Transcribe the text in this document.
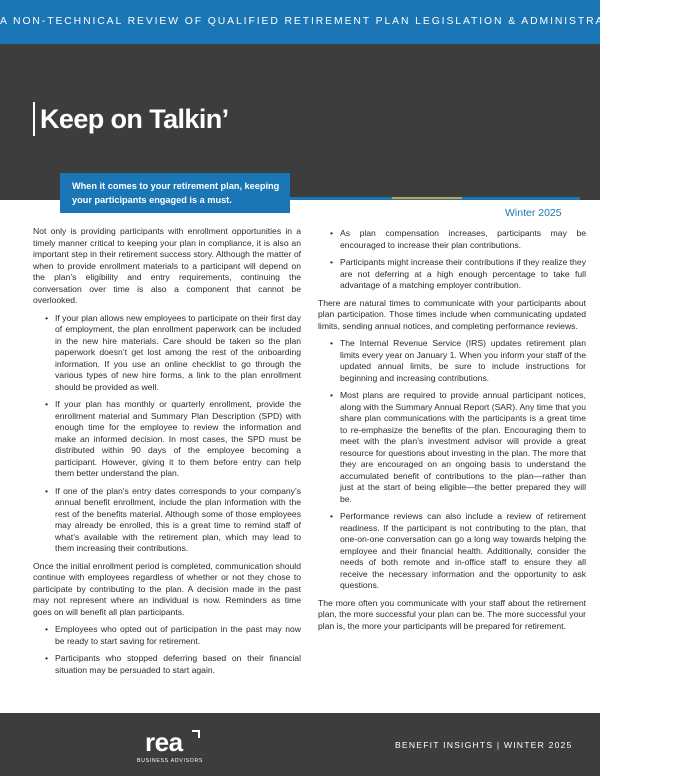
A NON-TECHNICAL REVIEW OF QUALIFIED RETIREMENT PLAN LEGISLATION & ADMINISTRATIVE ISSUES
Keep on Talkin’
When it comes to your retirement plan, keeping your participants engaged is a must.
Winter 2025

Not only is providing participants with enrollment opportunities in a timely manner critical to keeping your plan in compliance, it is also an important step in their retirement success story. Although the matter of when to provide enrollment materials to a participant will depend on the plan’s eligibility and entry requirements, continuing the conversation over time is also a component that cannot be overlooked.

• If your plan allows new employees to participate on their first day of employment, the plan enrollment paperwork can be included in the new hire materials. Care should be taken so the plan paperwork doesn’t get lost among the rest of the onboarding information. If you use an online checklist to go through the various types of new hire forms, a link to the plan enrollment should be provided as well.
• If your plan has monthly or quarterly enrollment, provide the enrollment material and Summary Plan Description (SPD) with enough time for the employee to review the information and make an informed decision. In most cases, the SPD must be distributed within 90 days of the employee becoming a participant. However, giving it to them before entry can help them better understand the plan.
• If one of the plan’s entry dates corresponds to your company’s annual benefit enrollment, include the plan information with the rest of the benefits material. Although some of those employees may already be enrolled, this is a great time to remind staff of what’s available with the retirement plan, which may lead to them increasing their contributions.

Once the initial enrollment period is completed, communication should continue with employees regardless of whether or not they chose to participate by contributing to the plan. A decision made in the past may not represent where an individual is now. Reminders as time goes on will benefit all plan participants.

• Employees who opted out of participation in the past may now be ready to start saving for retirement.
• Participants who stopped deferring based on their financial situation may be persuaded to start again.
• As plan compensation increases, participants may be encouraged to increase their plan contributions.
• Participants might increase their contributions if they realize they are not deferring at a high enough percentage to take full advantage of a matching employer contribution.

There are natural times to communicate with your participants about plan participation. Those times include when communicating updated limits, sending annual notices, and completing performance reviews.

• The Internal Revenue Service (IRS) updates retirement plan limits every year on January 1. When you inform your staff of the updated annual limits, be sure to include instructions for beginning and increasing contributions.
• Most plans are required to provide annual participant notices, along with the Summary Annual Report (SAR). Any time that you share plan communications with the participants is a great time to re-emphasize the benefits of the plan. Encouraging them to meet with the plan’s investment advisor will provide a great resource for questions about investing in the plan. The more that they are encouraged on an ongoing basis to understand the accumulated benefit of contributions to the plan—rather than just at the start of being eligible—the better prepared they will be.
• Performance reviews can also include a review of retirement readiness. If the participant is not contributing to the plan, that one-on-one conversation can go a long way towards helping the employee and their financial health. Additionally, consider the needs of both remote and in-office staff to ensure they all receive the necessary information and the opportunity to ask questions.

The more often you communicate with your staff about the retirement plan, the more successful your plan can be. The more successful your plan is, the more your participants will be prepared for retirement.

rea
BUSINESS ADVISORS
BENEFIT INSIGHTS | WINTER 2025
